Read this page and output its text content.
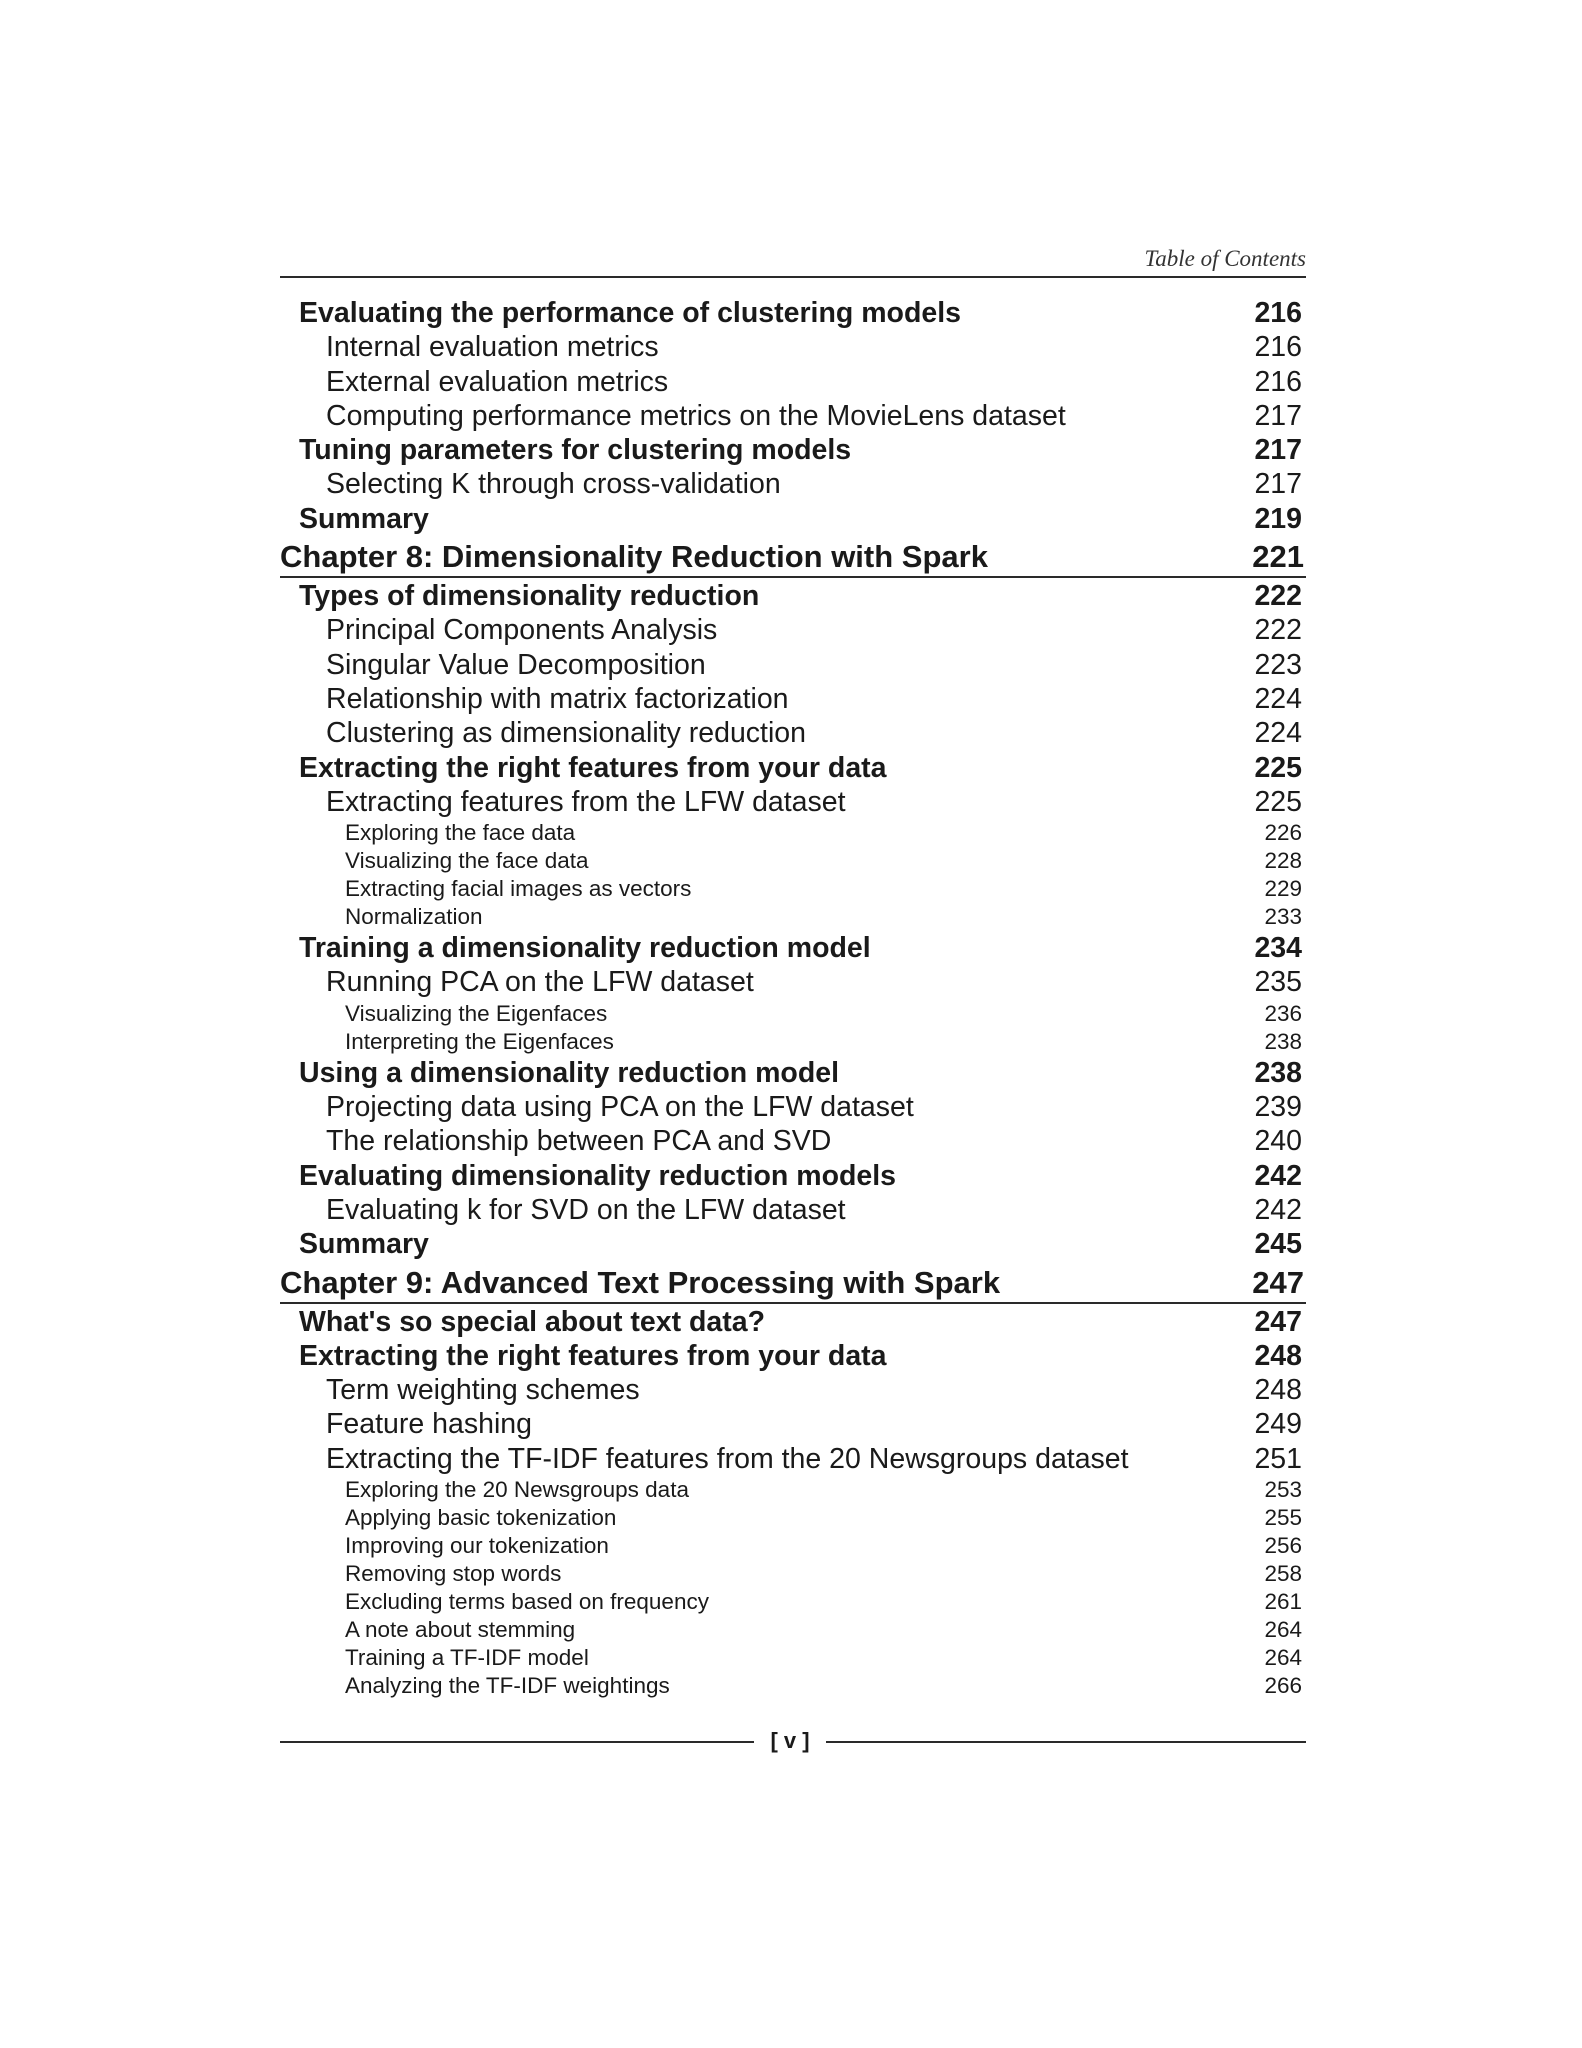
Table of Contents
Evaluating the performance of clustering models	216
Internal evaluation metrics	216
External evaluation metrics	216
Computing performance metrics on the MovieLens dataset	217
Tuning parameters for clustering models	217
Selecting K through cross-validation	217
Summary	219
Chapter 8: Dimensionality Reduction with Spark	221
Types of dimensionality reduction	222
Principal Components Analysis	222
Singular Value Decomposition	223
Relationship with matrix factorization	224
Clustering as dimensionality reduction	224
Extracting the right features from your data	225
Extracting features from the LFW dataset	225
Exploring the face data	226
Visualizing the face data	228
Extracting facial images as vectors	229
Normalization	233
Training a dimensionality reduction model	234
Running PCA on the LFW dataset	235
Visualizing the Eigenfaces	236
Interpreting the Eigenfaces	238
Using a dimensionality reduction model	238
Projecting data using PCA on the LFW dataset	239
The relationship between PCA and SVD	240
Evaluating dimensionality reduction models	242
Evaluating k for SVD on the LFW dataset	242
Summary	245
Chapter 9: Advanced Text Processing with Spark	247
What's so special about text data?	247
Extracting the right features from your data	248
Term weighting schemes	248
Feature hashing	249
Extracting the TF-IDF features from the 20 Newsgroups dataset	251
Exploring the 20 Newsgroups data	253
Applying basic tokenization	255
Improving our tokenization	256
Removing stop words	258
Excluding terms based on frequency	261
A note about stemming	264
Training a TF-IDF model	264
Analyzing the TF-IDF weightings	266
[ v ]
